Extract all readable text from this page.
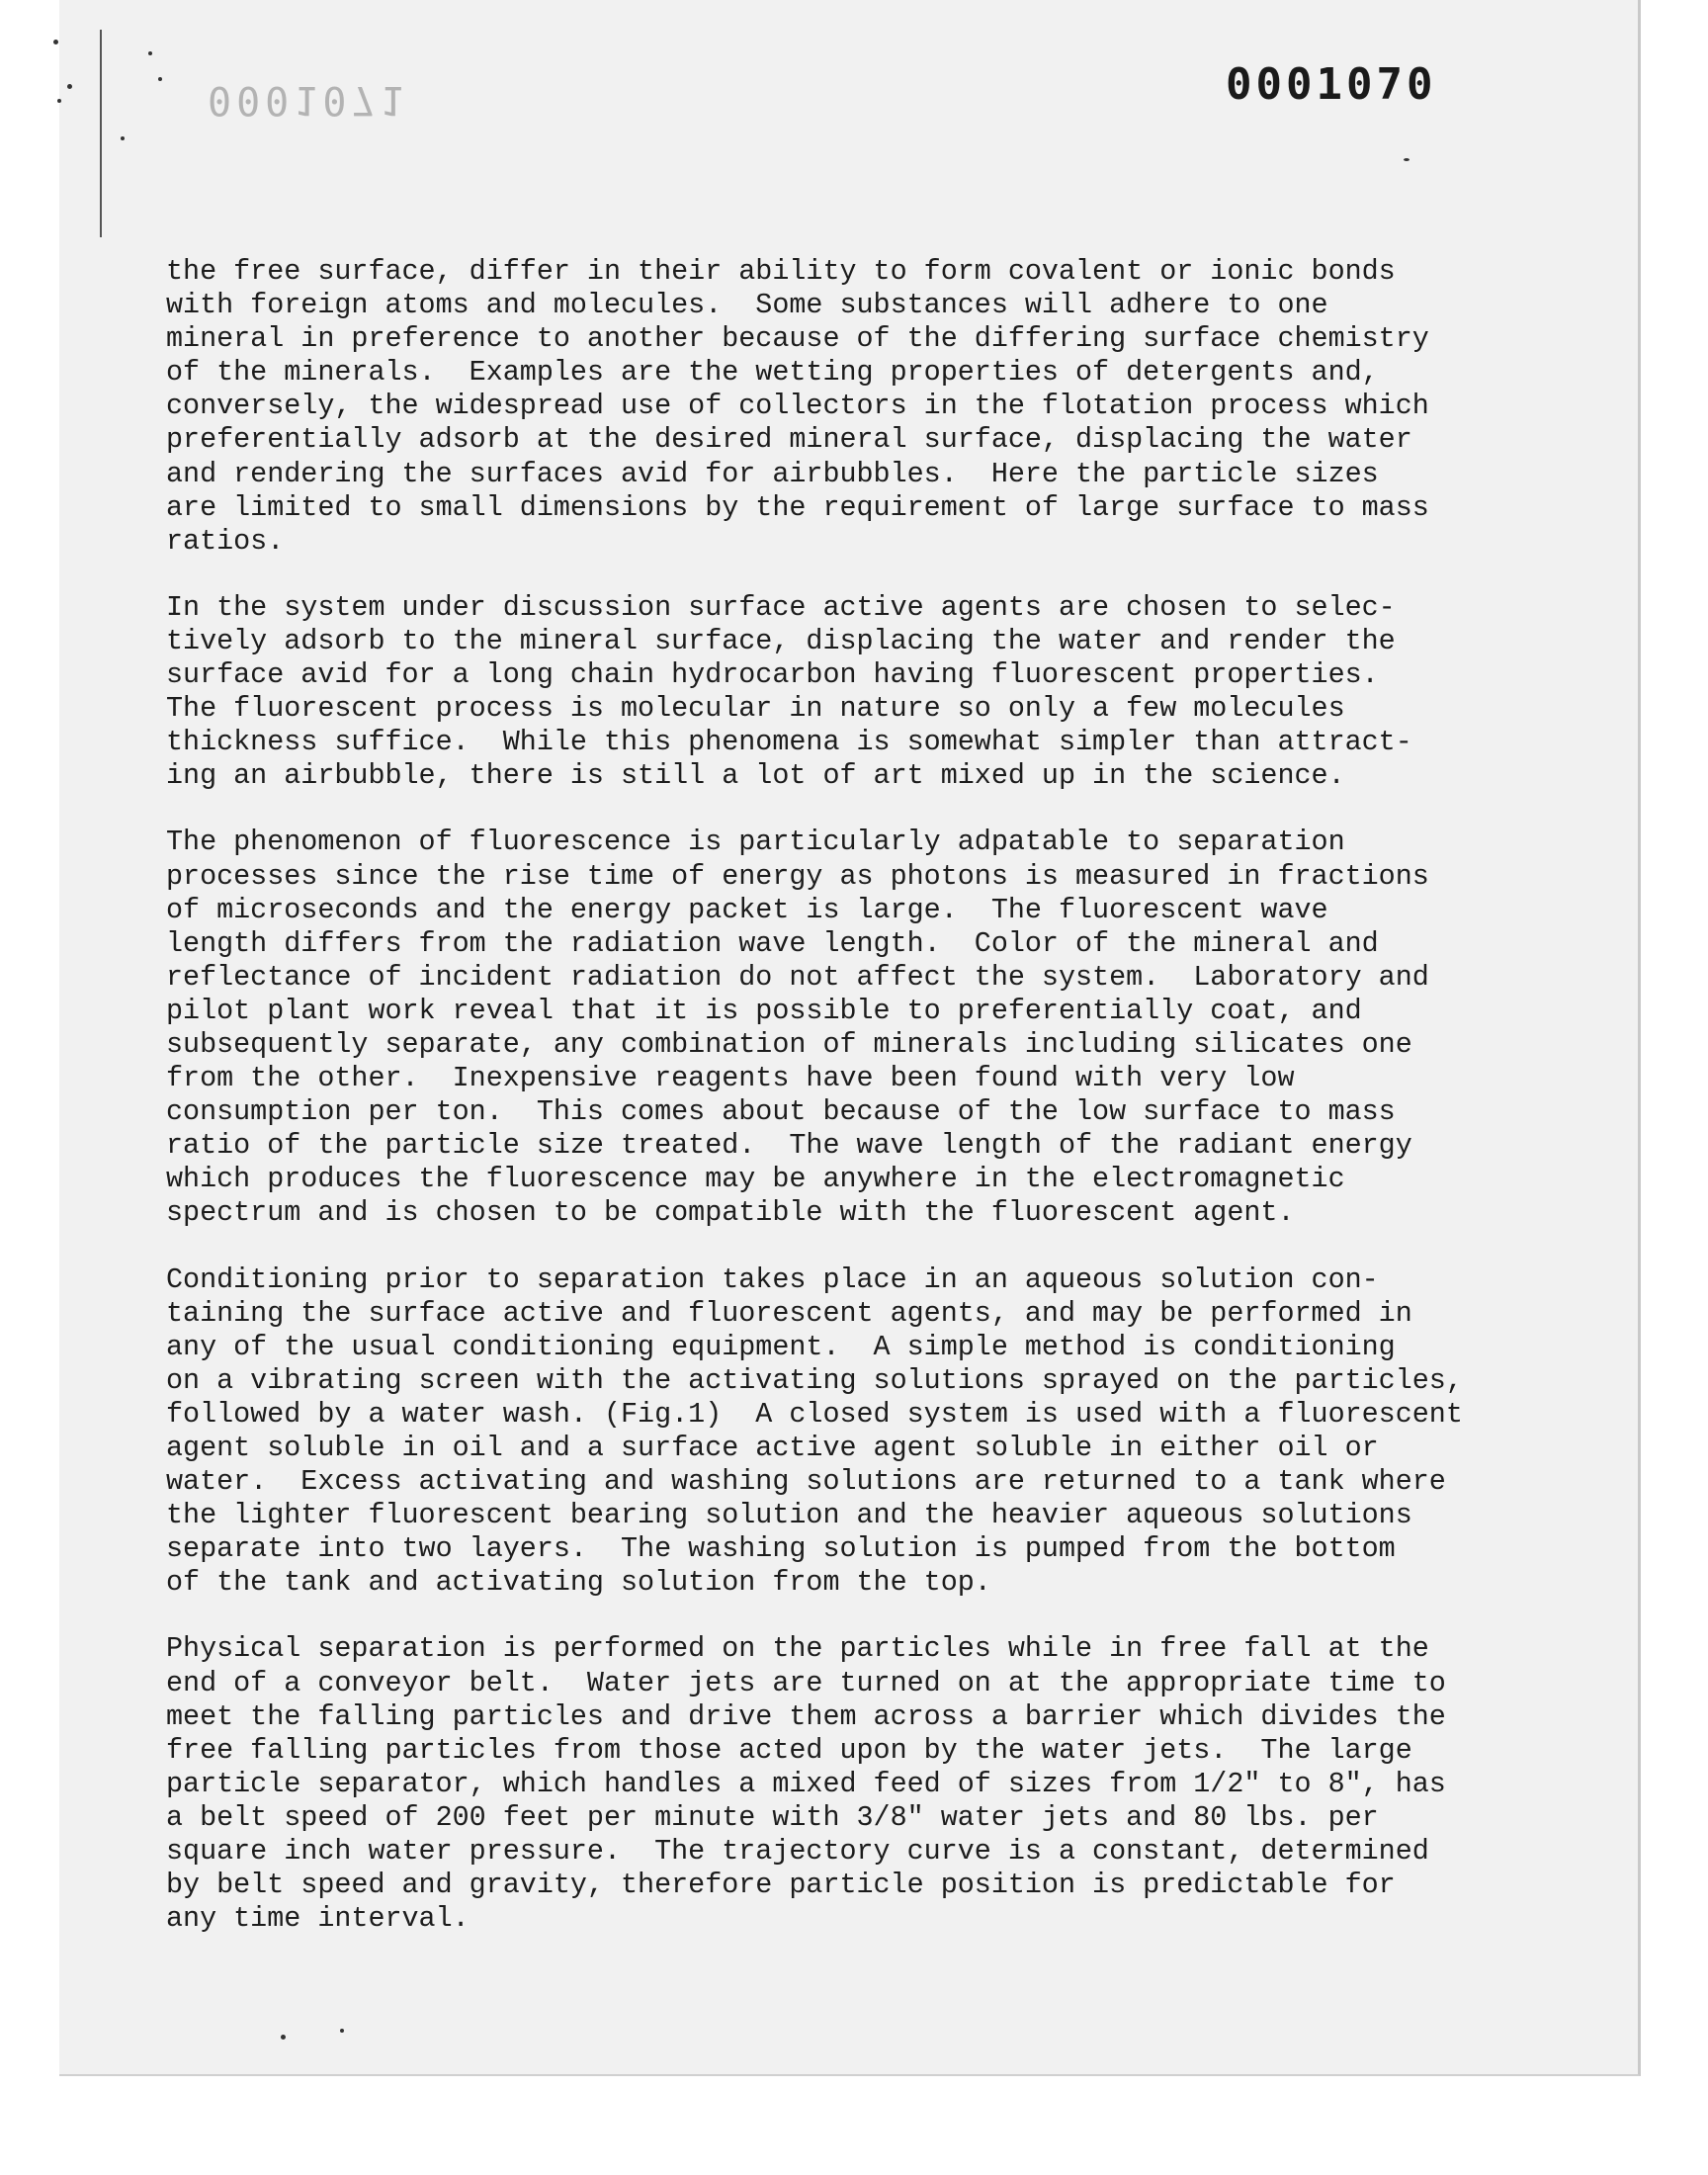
0001071	0001070
the free surface, differ in their ability to form covalent or ionic bonds
with foreign atoms and molecules.  Some substances will adhere to one
mineral in preference to another because of the differing surface chemistry
of the minerals.  Examples are the wetting properties of detergents and,
conversely, the widespread use of collectors in the flotation process which
preferentially adsorb at the desired mineral surface, displacing the water
and rendering the surfaces avid for airbubbles.  Here the particle sizes
are limited to small dimensions by the requirement of large surface to mass
ratios.
In the system under discussion surface active agents are chosen to selec-
tively adsorb to the mineral surface, displacing the water and render the
surface avid for a long chain hydrocarbon having fluorescent properties.
The fluorescent process is molecular in nature so only a few molecules
thickness suffice.  While this phenomena is somewhat simpler than attract-
ing an airbubble, there is still a lot of art mixed up in the science.
The phenomenon of fluorescence is particularly adpatable to separation
processes since the rise time of energy as photons is measured in fractions
of microseconds and the energy packet is large.  The fluorescent wave
length differs from the radiation wave length.  Color of the mineral and
reflectance of incident radiation do not affect the system.  Laboratory and
pilot plant work reveal that it is possible to preferentially coat, and
subsequently separate, any combination of minerals including silicates one
from the other.  Inexpensive reagents have been found with very low
consumption per ton.  This comes about because of the low surface to mass
ratio of the particle size treated.  The wave length of the radiant energy
which produces the fluorescence may be anywhere in the electromagnetic
spectrum and is chosen to be compatible with the fluorescent agent.
Conditioning prior to separation takes place in an aqueous solution con-
taining the surface active and fluorescent agents, and may be performed in
any of the usual conditioning equipment.  A simple method is conditioning
on a vibrating screen with the activating solutions sprayed on the particles,
followed by a water wash. (Fig.1)  A closed system is used with a fluorescent
agent soluble in oil and a surface active agent soluble in either oil or
water.  Excess activating and washing solutions are returned to a tank where
the lighter fluorescent bearing solution and the heavier aqueous solutions
separate into two layers.  The washing solution is pumped from the bottom
of the tank and activating solution from the top.
Physical separation is performed on the particles while in free fall at the
end of a conveyor belt.  Water jets are turned on at the appropriate time to
meet the falling particles and drive them across a barrier which divides the
free falling particles from those acted upon by the water jets.  The large
particle separator, which handles a mixed feed of sizes from 1/2" to 8", has
a belt speed of 200 feet per minute with 3/8" water jets and 80 lbs. per
square inch water pressure.  The trajectory curve is a constant, determined
by belt speed and gravity, therefore particle position is predictable for
any time interval.
